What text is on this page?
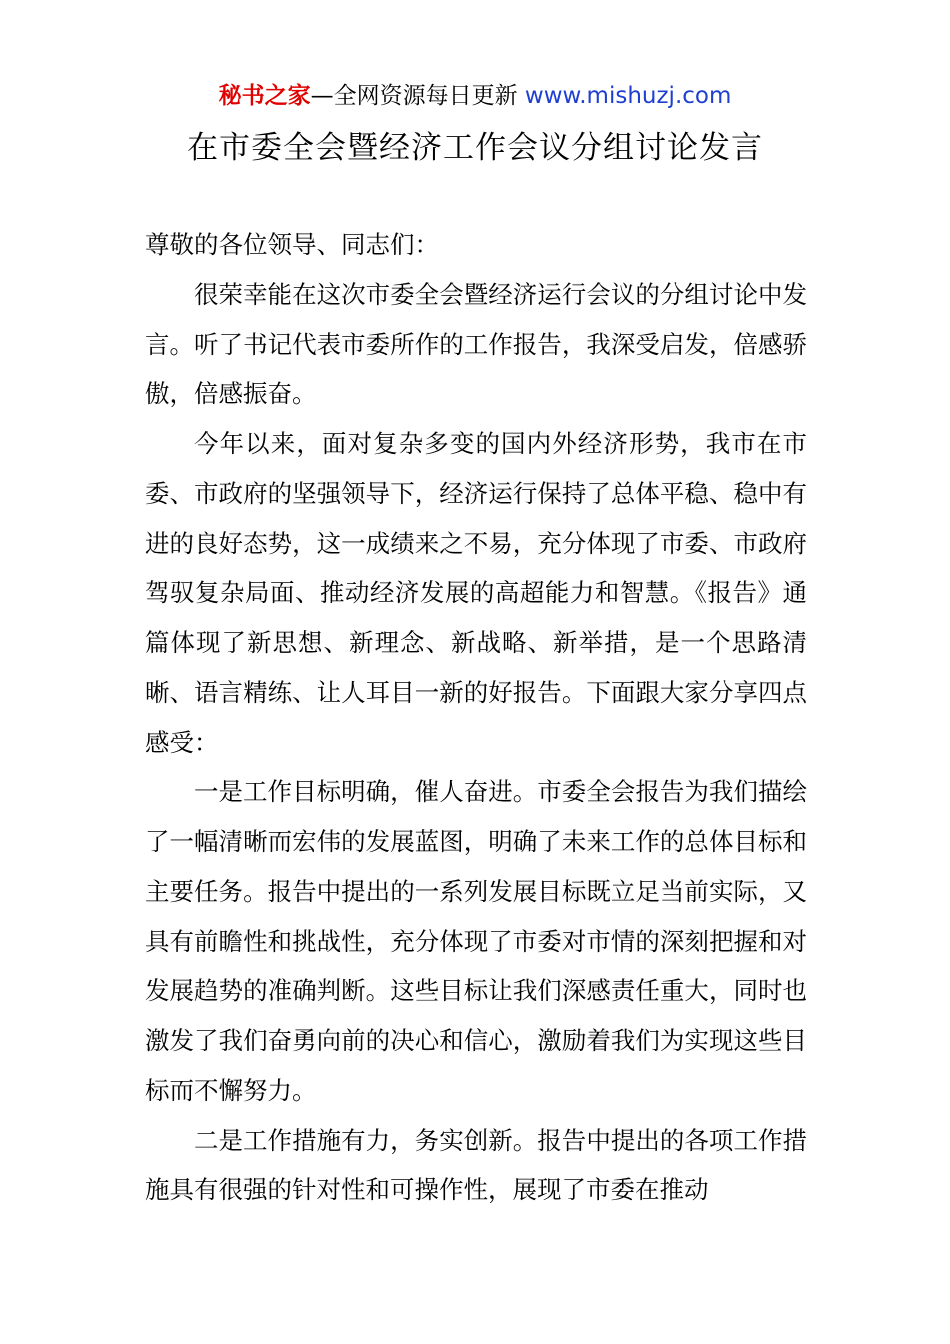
秘书之家—全网资源每日更新 www.mishuzj.com
在市委全会暨经济工作会议分组讨论发言

尊敬的各位领导、同志们：

很荣幸能在这次市委全会暨经济运行会议的分组讨论中发言。听了书记代表市委所作的工作报告，我深受启发，倍感骄傲，倍感振奋。

今年以来，面对复杂多变的国内外经济形势，我市在市委、市政府的坚强领导下，经济运行保持了总体平稳、稳中有进的良好态势，这一成绩来之不易，充分体现了市委、市政府驾驭复杂局面、推动经济发展的高超能力和智慧。《报告》通篇体现了新思想、新理念、新战略、新举措，是一个思路清晰、语言精练、让人耳目一新的好报告。下面跟大家分享四点感受：

一是工作目标明确，催人奋进。市委全会报告为我们描绘了一幅清晰而宏伟的发展蓝图，明确了未来工作的总体目标和主要任务。报告中提出的一系列发展目标既立足当前实际，又具有前瞻性和挑战性，充分体现了市委对市情的深刻把握和对发展趋势的准确判断。这些目标让我们深感责任重大，同时也激发了我们奋勇向前的决心和信心，激励着我们为实现这些目标而不懈努力。

二是工作措施有力，务实创新。报告中提出的各项工作措施具有很强的针对性和可操作性，展现了市委在推动
